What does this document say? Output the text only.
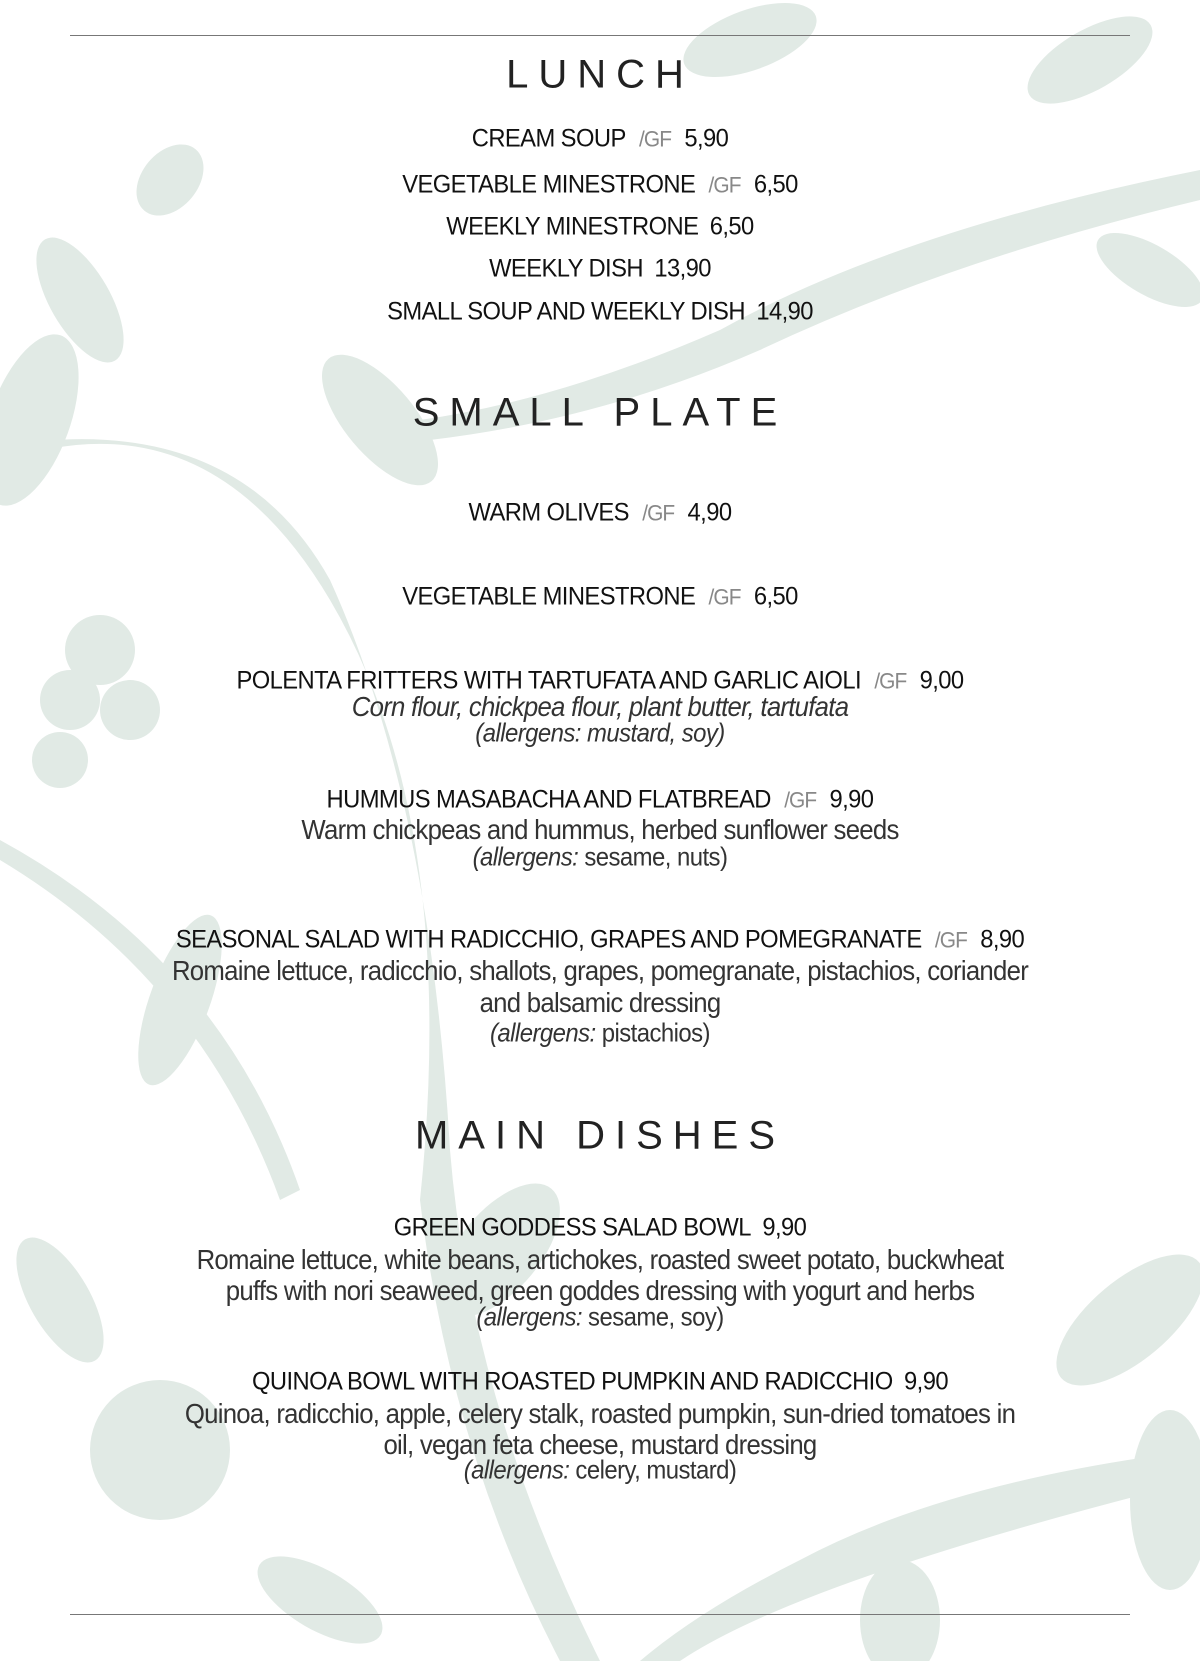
LUNCH
CREAM SOUP /GF 5,90
VEGETABLE MINESTRONE /GF 6,50
WEEKLY MINESTRONE 6,50
WEEKLY DISH 13,90
SMALL SOUP AND WEEKLY DISH 14,90
SMALL PLATE
WARM OLIVES /GF 4,90
VEGETABLE MINESTRONE /GF 6,50
POLENTA FRITTERS WITH TARTUFATA AND GARLIC AIOLI /GF 9,00
Corn flour, chickpea flour, plant butter, tartufata
(allergens: mustard, soy)
HUMMUS MASABACHA AND FLATBREAD /GF 9,90
Warm chickpeas and hummus, herbed sunflower seeds
(allergens: sesame, nuts)
SEASONAL SALAD WITH RADICCHIO, GRAPES AND POMEGRANATE /GF 8,90
Romaine lettuce, radicchio, shallots, grapes, pomegranate, pistachios, coriander
and balsamic dressing
(allergens: pistachios)
MAIN DISHES
GREEN GODDESS SALAD BOWL 9,90
Romaine lettuce, white beans, artichokes, roasted sweet potato, buckwheat
puffs with nori seaweed, green goddes dressing with yogurt and herbs
(allergens: sesame, soy)
QUINOA BOWL WITH ROASTED PUMPKIN AND RADICCHIO 9,90
Quinoa, radicchio, apple, celery stalk, roasted pumpkin, sun-dried tomatoes in
oil, vegan feta cheese, mustard dressing
(allergens: celery, mustard)
